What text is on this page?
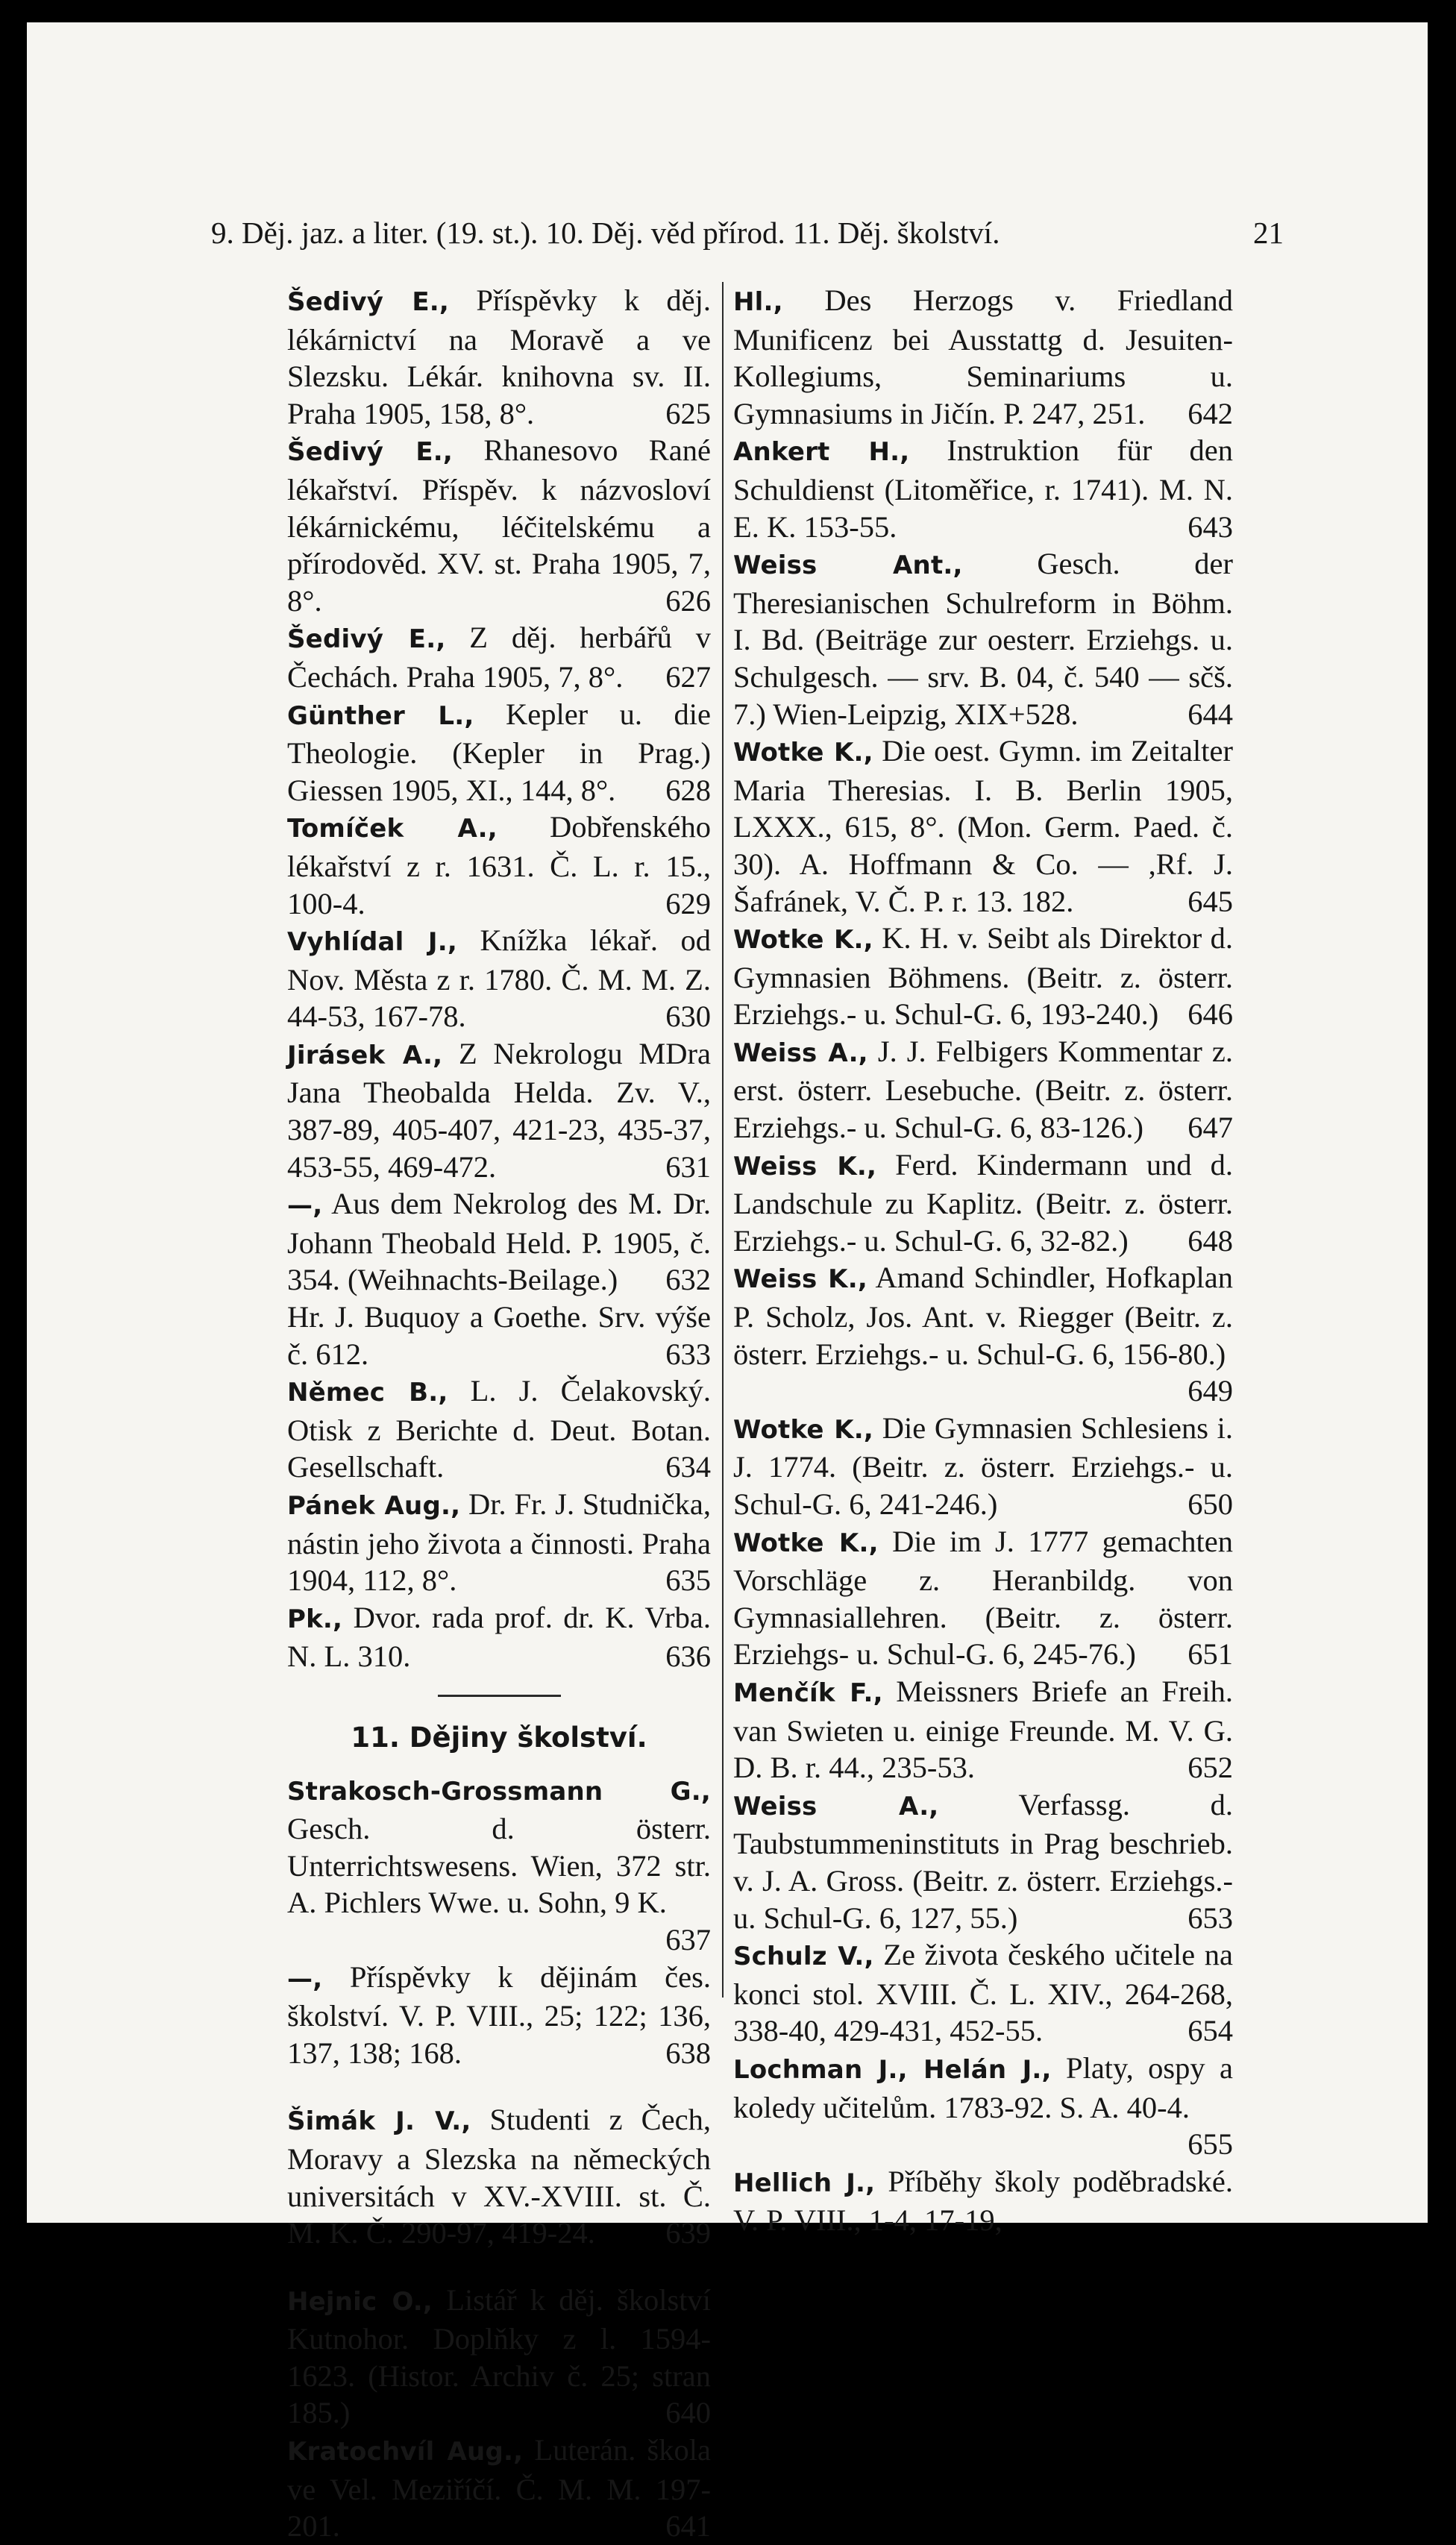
9. Děj. jaz. a liter. (19. st.). 10. Děj. věd přírod. 11. Děj. školství.	21

Šedivý E., Příspěvky k děj. lékárnictví na Moravě a ve Slezsku. Lékár. knihovna sv. II. Praha 1905, 158, 8°.	625

Šedivý E., Rhanesovo Rané lékařství. Příspěv. k názvosloví lékárnickému, léčitelskému a přírodověd. XV. st. Praha 1905, 7, 8°.	626

Šedivý E., Z děj. herbářů v Čechách. Praha 1905, 7, 8°. 627

Günther L., Kepler u. die Theologie. (Kepler in Prag.) Giessen 1905, XI., 144, 8°. 628

Tomíček A., Dobřenského lékařství z r. 1631. Č. L. r. 15., 100-4.	629

Vyhlídal J., Knížka lékař. od Nov. Města z r. 1780. Č. M. M. Z. 44-53, 167-78.	630

Jirásek A., Z Nekrologu MDra Jana Theobalda Helda. Zv. V., 387-89, 405-407, 421-23, 435-37, 453-55, 469-472.	631

—, Aus dem Nekrolog des M. Dr. Johann Theobald Held. P. 1905, č. 354. (Weihnachts-Beilage.) 632

Hr. J. Buquoy a Goethe. Srv. výše č. 612.	633

Němec B., L. J. Čelakovský. Otisk z Berichte d. Deut. Botan. Gesellschaft.	634

Pánek Aug., Dr. Fr. J. Studnička, nástin jeho života a činnosti. Praha 1904, 112, 8°.	635

Pk., Dvor. rada prof. dr. K. Vrba. N. L. 310.	636

11. Dějiny školství.

Strakosch-Grossmann G., Gesch. d. österr. Unterrichtswesens. Wien, 372 str. A. Pichlers Wwe. u. Sohn, 9 K.
637

—, Příspěvky k dějinám čes. školství. V. P. VIII., 25; 122; 136, 137, 138; 168.	638

Šimák J. V., Studenti z Čech, Moravy a Slezska na německých universitách v XV.-XVIII. st. Č. M. K. Č. 290-97, 419-24. 639

Hejnic O., Listář k děj. školství Kutnohor. Doplňky z l. 1594-1623. (Histor. Archiv č. 25; stran 185.)	640

Kratochvíl Aug., Luterán. škola ve Vel. Meziříčí. Č. M. M. 197-201.	641

Hl., Des Herzogs v. Friedland Munificenz bei Ausstattg d. Jesuiten-Kollegiums, Seminariums u. Gymnasiums in Jičín. P. 247, 251. 642

Ankert H., Instruktion für den Schuldienst (Litoměřice, r. 1741). M. N. E. K. 153-55.	643

Weiss Ant., Gesch. der Theresianischen Schulreform in Böhm. I. Bd. (Beiträge zur oesterr. Erziehgs. u. Schulgesch. — srv. B. 04, č. 540 — sčš. 7.) Wien-Leipzig, XIX+528.	644

Wotke K., Die oest. Gymn. im Zeitalter Maria Theresias. I. B. Berlin 1905, LXXX., 615, 8°. (Mon. Germ. Paed. č. 30). A. Hoffmann & Co. — ,Rf. J. Šafránek, V. Č. P. r. 13. 182.	645

Wotke K., K. H. v. Seibt als Direktor d. Gymnasien Böhmens. (Beitr. z. österr. Erziehgs.- u. Schul-G. 6, 193-240.) 646

Weiss A., J. J. Felbigers Kommentar z. erst. österr. Lesebuche. (Beitr. z. österr. Erziehgs.- u. Schul-G. 6, 83-126.) 647

Weiss K., Ferd. Kindermann und d. Landschule zu Kaplitz. (Beitr. z. österr. Erziehgs.- u. Schul-G. 6, 32-82.) 648

Weiss K., Amand Schindler, Hofkaplan P. Scholz, Jos. Ant. v. Riegger (Beitr. z. österr. Erziehgs.- u. Schul-G. 6, 156-80.)
649

Wotke K., Die Gymnasien Schlesiens i. J. 1774. (Beitr. z. österr. Erziehgs.- u. Schul-G. 6, 241-246.)	650

Wotke K., Die im J. 1777 gemachten Vorschläge z. Heranbildg. von Gymnasiallehren. (Beitr. z. österr. Erziehgs- u. Schul-G. 6, 245-76.) 651

Menčík F., Meissners Briefe an Freih. van Swieten u. einige Freunde. M. V. G. D. B. r. 44., 235-53.	652

Weiss A.,	Verfassg. d. Taubstummeninstituts in Prag beschrieb. v. J. A. Gross. (Beitr. z. österr. Erziehgs.- u. Schul-G. 6, 127, 55.)	653

Schulz V., Ze života českého učitele na konci stol. XVIII. Č. L. XIV., 264-268, 338-40, 429-431, 452-55.	654

Lochman J., Helán J., Platy, ospy a koledy učitelům. 1783-92. S. A. 40-4.
655

Hellich J., Příběhy školy poděbradské. V. P. VIII., 1-4, 17-19,
